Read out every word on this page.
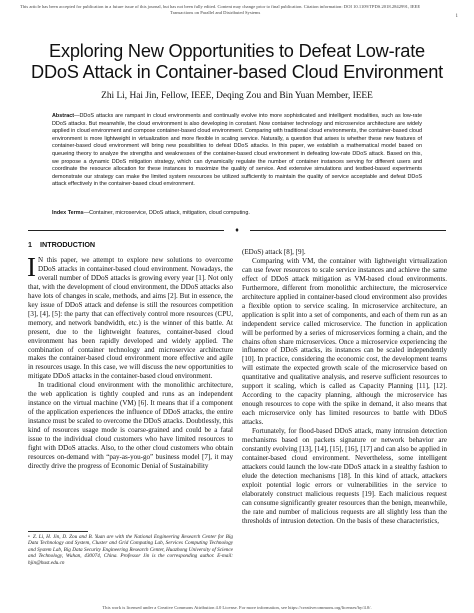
This article has been accepted for publication in a future issue of this journal, but has not been fully edited. Content may change prior to final publication. Citation information: DOI 10.1109/TPDS.2018.2842991, IEEE
Transactions on Parallel and Distributed Systems
1
Exploring New Opportunities to Defeat Low-rate DDoS Attack in Container-based Cloud Environment
Zhi Li, Hai Jin, Fellow, IEEE, Deqing Zou and Bin Yuan Member, IEEE
Abstract—DDoS attacks are rampant in cloud environments and continually evolve into more sophisticated and intelligent modalities, such as low-rate DDoS attacks. But meanwhile, the cloud environment is also developing in constant. Now container technology and microservice architecture are widely applied in cloud environment and compose container-based cloud environment. Comparing with traditional cloud environments, the container-based cloud environment is more lightweight in virtualization and more flexible in scaling service. Naturally, a question that arises is whether these new features of container-based cloud environment will bring new possibilities to defeat DDoS attacks. In this paper, we establish a mathematical model based on queueing theory to analyze the strengths and weaknesses of the container-based cloud environment in defeating low-rate DDoS attack. Based on this, we propose a dynamic DDoS mitigation strategy, which can dynamically regulate the number of container instances serving for different users and coordinate the resource allocation for these instances to maximize the quality of service. And extensive simulations and testbed-based experiments demonstrate our strategy can make the limited system resources be utilized sufficiently to maintain the quality of service acceptable and defeat DDoS attack effectively in the container-based cloud environment.
Index Terms—Container, microservice, DDoS attack, mitigation, cloud computing.
♦
1 INTRODUCTION

I N this paper, we attempt to explore new solutions to overcome DDoS attacks in container-based cloud environment. Nowadays, the overall number of DDoS attacks is growing every year [1]. Not only that, with the development of cloud environment, the DDoS attacks also have lots of changes in scale, methods, and aims [2]. But in essence, the key issue of DDoS attack and defense is still the resources competition [3], [4], [5]: the party that can effectively control more resources (CPU, memory, and network bandwidth, etc.) is the winner of this battle. At present, due to the lightweight features, container-based cloud environment has been rapidly developed and widely applied. The combination of container technology and microservice architecture makes the container-based cloud environment more effective and agile in resources usage. In this case, we will discuss the new opportunities to mitigate DDoS attacks in the container-based cloud environment.

In traditional cloud environment with the monolithic architecture, the web application is tightly coupled and runs as an independent instance on the virtual machine (VM) [6]. It means that if a component of the application experiences the influence of DDoS attacks, the entire instance must be scaled to overcome the DDoS attacks. Doubtlessly, this kind of resources usage mode is coarse-grained and could be a fatal issue to the individual cloud customers who have limited resources to fight with DDoS attacks. Also, to the other cloud customers who obtain resources on-demand with “pay-as-you-go” business model [7], it may directly drive the progress of Economic Denial of Sustainability

(EDoS) attack [8], [9].

Comparing with VM, the container with lightweight virtualization can use fewer resources to scale service instances and achieve the same effect of DDoS attack mitigation as VM-based cloud environments. Furthermore, different from monolithic architecture, the microservice architecture applied in container-based cloud environment also provides a flexible option to service scaling. In microservice architecture, an application is split into a set of components, and each of them run as an independent service called microservice. The function in application will be performed by a series of microservices forming a chain, and the chains often share microservices. Once a microservice experiencing the influence of DDoS attacks, its instances can be scaled independently [10]. In practice, considering the economic cost, the development teams will estimate the expected growth scale of the microservice based on quantitative and qualitative analysis, and reserve sufficient resources to support it scaling, which is called as Capacity Planning [11], [12]. According to the capacity planning, although the microservice has enough resources to cope with the spike in demand, it also means that each microservice only has limited resources to battle with DDoS attacks.

Fortunately, for flood-based DDoS attack, many intrusion detection mechanisms based on packets signature or network behavior are constantly evolving [13], [14], [15], [16], [17] and can also be applied in container-based cloud environment. Nevertheless, some intelligent attackers could launch the low-rate DDoS attack in a stealthy fashion to elude the detection mechanisms [18]. In this kind of attack, attackers exploit potential logic errors or vulnerabilities in the service to elaborately construct malicious requests [19]. Each malicious request can consume significantly greater resources than the benign, meanwhile, the rate and number of malicious requests are all slightly less than the thresholds of intrusion detection. On the basis of these characteristics,

• Z. Li, H. Jin, D. Zou and B. Yuan are with the National Engineering Research Center for Big Data Technology and System, Cluster and Grid Computing Lab, Services Computing Technology and System Lab, Big Data Security Engineering Research Center, Huazhong University of Science and Technology, Wuhan, 430074, China. Professor Jin is the corresponding author. E-mail: hjin@hust.edu.cn
This work is licensed under a Creative Commons Attribution 4.0 License. For more information, see https://creativecommons.org/licenses/by/4.0/.
